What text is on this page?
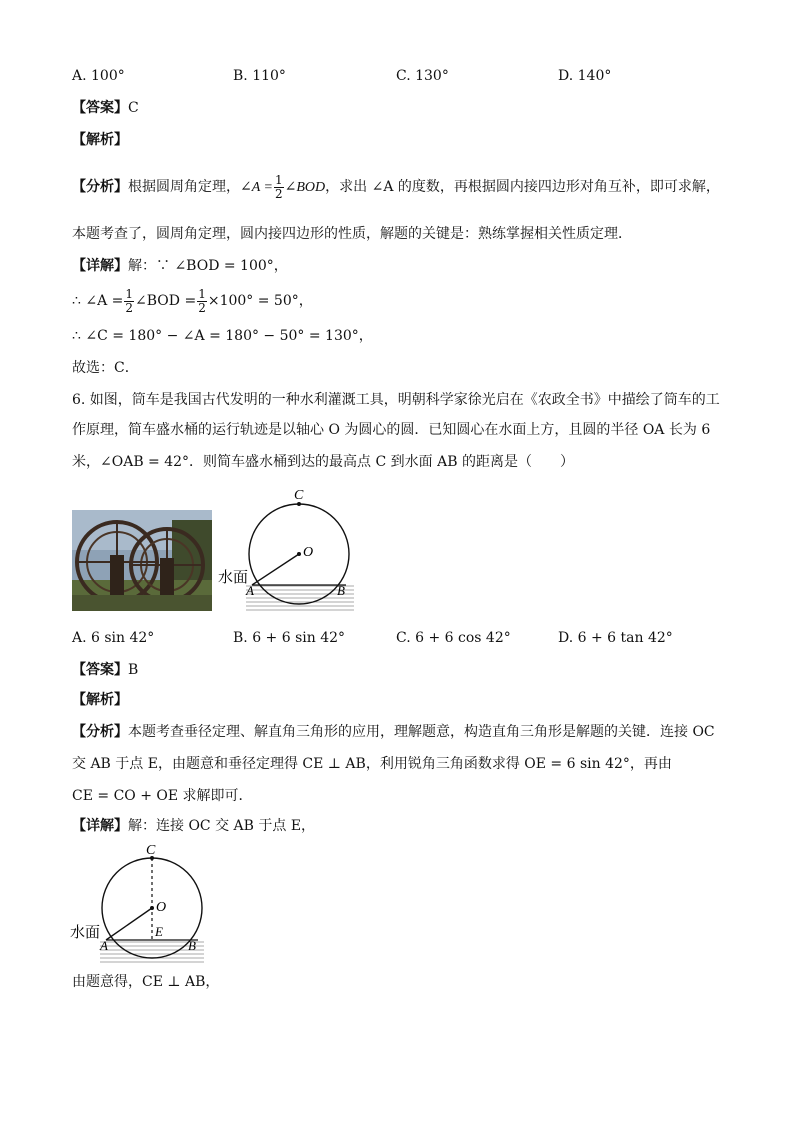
A. 100°	B. 110°	C. 130°	D. 140°
【答案】C
【解析】
【分析】根据圆周角定理，∠A = $\frac{1}{2}$ ∠BOD，求出 ∠A 的度数，再根据圆内接四边形对角互补，即可求解，
本题考查了，圆周角定理，圆内接四边形的性质，解题的关键是：熟练掌握相关性质定理．
【详解】解：∵ ∠BOD = 100°，
∴ ∠A = $\frac{1}{2}$ ∠BOD = $\frac{1}{2} \times 100^\circ = 50^\circ$，
∴ ∠C = 180° − ∠A = 180° − 50° = 130°，
故选：C．
6. 如图，筒车是我国古代发明的一种水利灌溉工具，明朝科学家徐光启在《农政全书》中描绘了筒车的工
作原理，简车盛水桶的运行轨迹是以轴心 O 为圆心的圆．已知圆心在水面上方，且圆的半径 OA 长为 6
米，∠OAB = 42°．则简车盛水桶到达的最高点 C 到水面 AB 的距离是（　　）
C
O
A	B
水面
A. 6 sin 42°	B. 6 + 6 sin 42°	C. 6 + 6 cos 42°	D. 6 + 6 tan 42°
【答案】B
【解析】
【分析】本题考查垂径定理、解直角三角形的应用，理解题意，构造直角三角形是解题的关键．连接 OC
交 AB 于点 E，由题意和垂径定理得 CE ⊥ AB，利用锐角三角函数求得 OE = 6 sin 42°，再由
CE = CO + OE 求解即可．
【详解】解：连接 OC 交 AB 于点 E，
C
O
E
A	B
水面
由题意得，CE ⊥ AB，
